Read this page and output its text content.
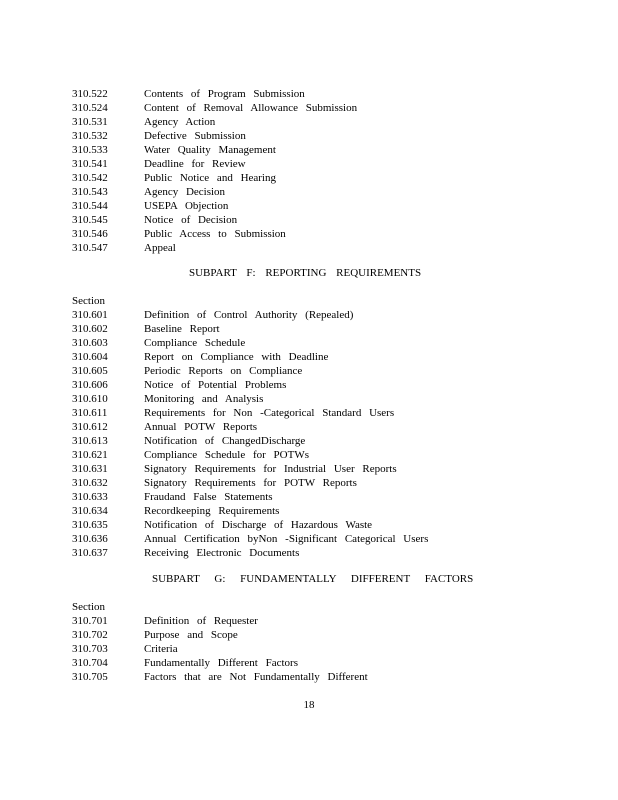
310.522	Contents of Program Submission
310.524	Content of Removal Allowance Submission
310.531	Agency Action
310.532	Defective Submission
310.533	Water Quality Management
310.541	Deadline for Review
310.542	Public Notice and Hearing
310.543	Agency Decision
310.544	USEPA Objection
310.545	Notice of Decision
310.546	Public Access to Submission
310.547	Appeal
SUBPART F: REPORTING REQUIREMENTS
Section
310.601	Definition of Control Authority (Repealed)
310.602	Baseline Report
310.603	Compliance Schedule
310.604	Report on Compliance with Deadline
310.605	Periodic Reports on Compliance
310.606	Notice of Potential Problems
310.610	Monitoring and Analysis
310.611	Requirements for Non -Categorical Standard Users
310.612	Annual POTW Reports
310.613	Notification of ChangedDischarge
310.621	Compliance Schedule for POTWs
310.631	Signatory Requirements for Industrial User Reports
310.632	Signatory Requirements for POTW Reports
310.633	Fraudand False Statements
310.634	Recordkeeping Requirements
310.635	Notification of Discharge of Hazardous Waste
310.636	Annual Certification byNon -Significant Categorical Users
310.637	Receiving Electronic Documents
SUBPART G: FUNDAMENTALLY DIFFERENT FACTORS
Section
310.701	Definition of Requester
310.702	Purpose and Scope
310.703	Criteria
310.704	Fundamentally Different Factors
310.705	Factors that are Not Fundamentally Different
18
